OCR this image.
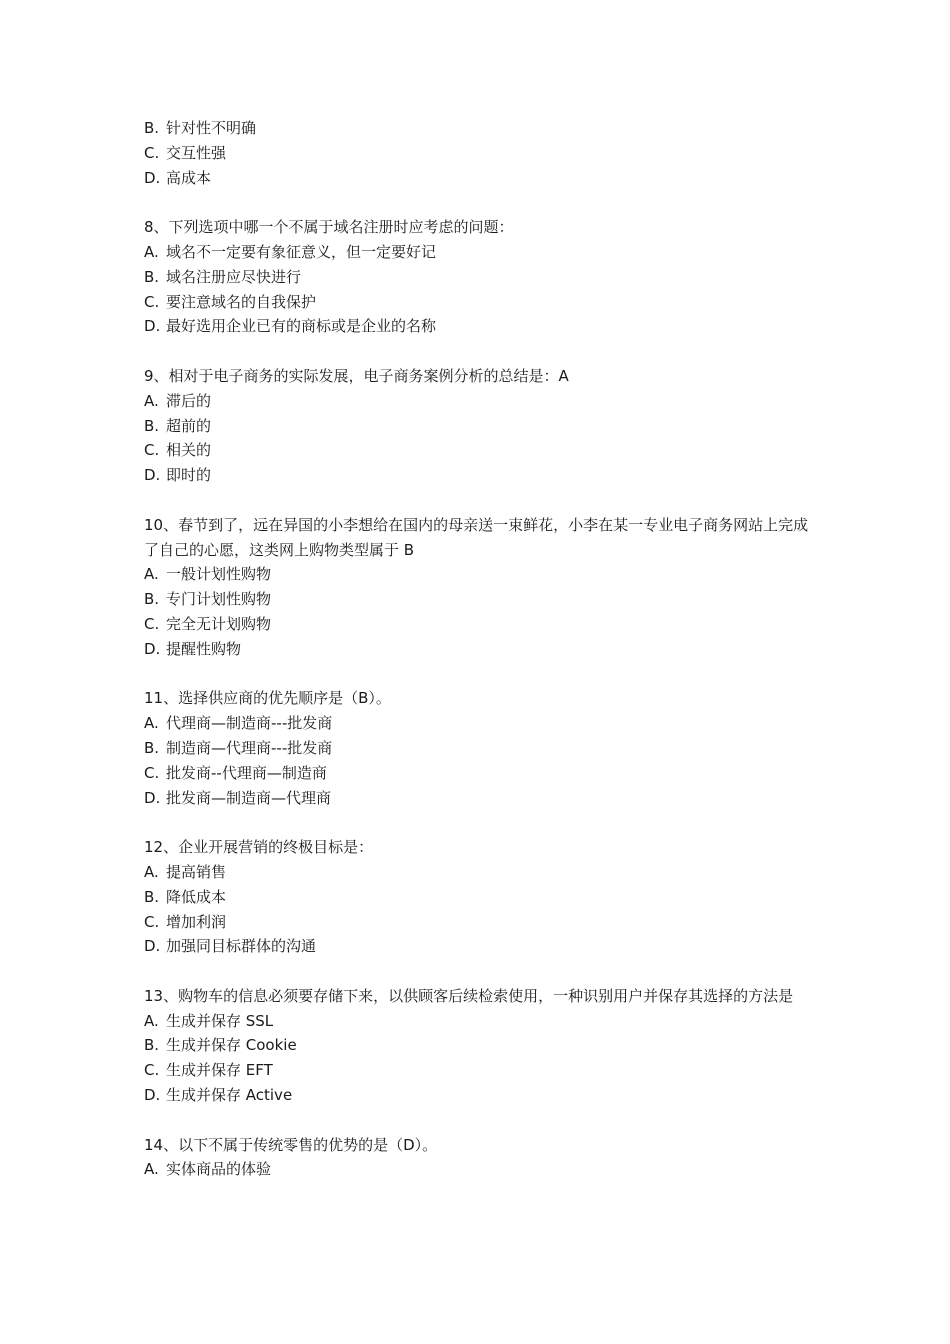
B. 针对性不明确
C. 交互性强
D. 高成本
8、下列选项中哪一个不属于域名注册时应考虑的问题：
A. 域名不一定要有象征意义，但一定要好记
B. 域名注册应尽快进行
C. 要注意域名的自我保护
D. 最好选用企业已有的商标或是企业的名称
9、相对于电子商务的实际发展，电子商务案例分析的总结是：A
A. 滞后的
B. 超前的
C. 相关的
D. 即时的
10、春节到了，远在异国的小李想给在国内的母亲送一束鲜花，小李在某一专业电子商务网站上完成了自己的心愿，这类网上购物类型属于 B
A. 一般计划性购物
B. 专门计划性购物
C. 完全无计划购物
D. 提醒性购物
11、选择供应商的优先顺序是（B）。
A. 代理商—制造商---批发商
B. 制造商—代理商---批发商
C. 批发商--代理商—制造商
D. 批发商—制造商—代理商
12、企业开展营销的终极目标是：
A. 提高销售
B. 降低成本
C. 增加利润
D. 加强同目标群体的沟通
13、购物车的信息必须要存储下来，以供顾客后续检索使用，一种识别用户并保存其选择的方法是
A. 生成并保存 SSL
B. 生成并保存 Cookie
C. 生成并保存 EFT
D. 生成并保存 Active
14、以下不属于传统零售的优势的是（D）。
A. 实体商品的体验
